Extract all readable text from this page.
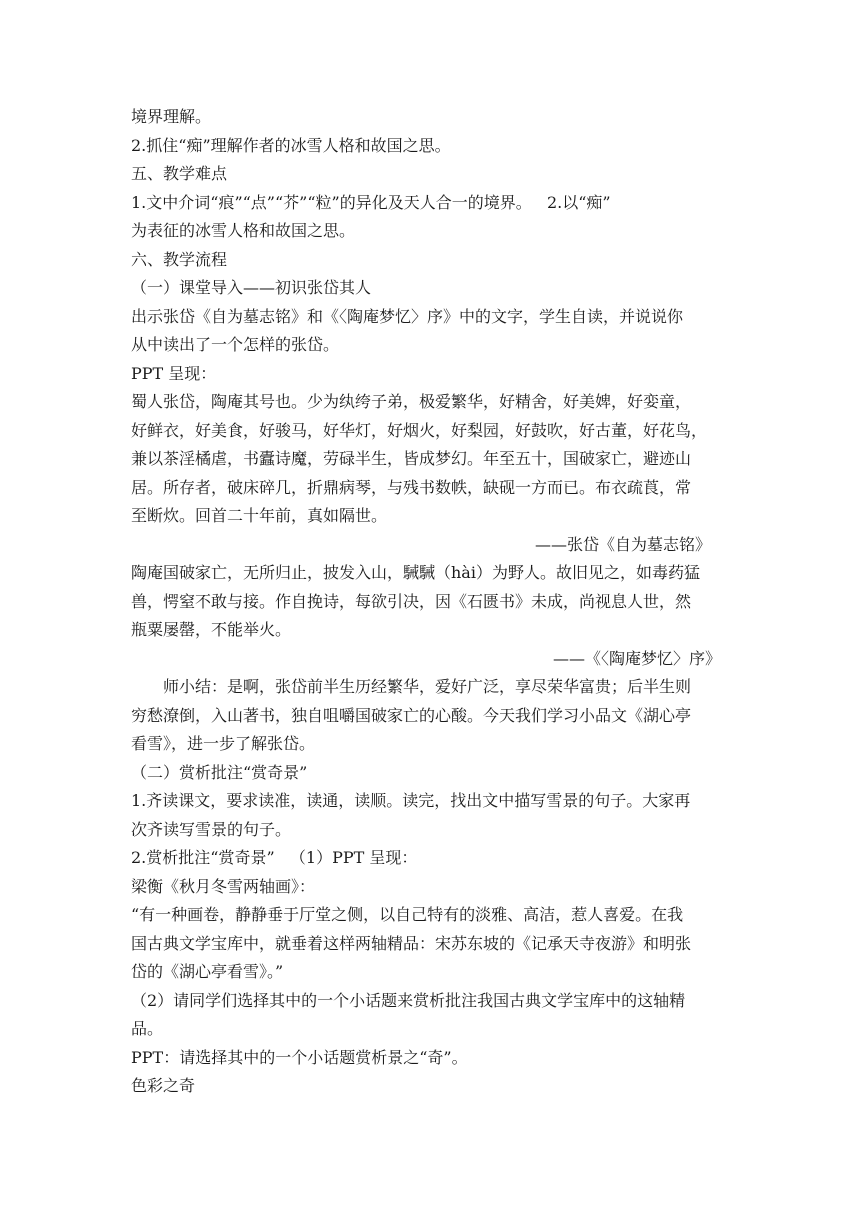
境界理解。

2.抓住“痴”理解作者的冰雪人格和故国之思。

五、教学难点

1.文中介词“痕”“点”“芥”“粒”的异化及天人合一的境界。   2.以“痴”

为表征的冰雪人格和故国之思。

六、教学流程

（一）课堂导入——初识张岱其人

出示张岱《自为墓志铭》和《〈陶庵梦忆〉序》中的文字，学生自读，并说说你

从中读出了一个怎样的张岱。

PPT 呈现：

蜀人张岱，陶庵其号也。少为纨绔子弟，极爱繁华，好精舍，好美婢，好娈童，

好鲜衣，好美食，好骏马，好华灯，好烟火，好梨园，好鼓吹，好古董，好花鸟，

兼以茶淫橘虐，书蠹诗魔，劳碌半生，皆成梦幻。年至五十，国破家亡，避迹山

居。所存者，破床碎几，折鼎病琴，与残书数帙，缺砚一方而已。布衣疏莨，常

至断炊。回首二十年前，真如隔世。

——张岱《自为墓志铭》

陶庵国破家亡，无所归止，披发入山，駴駴（hài）为野人。故旧见之，如毒药猛

兽，愕窒不敢与接。作自挽诗，每欲引决，因《石匮书》未成，尚视息人世，然

瓶粟屡罄，不能举火。

——《〈陶庵梦忆〉序》

师小结：是啊，张岱前半生历经繁华，爱好广泛，享尽荣华富贵；后半生则

穷愁潦倒，入山著书，独自咀嚼国破家亡的心酸。今天我们学习小品文《湖心亭

看雪》，进一步了解张岱。

（二）赏析批注“赏奇景”

1.齐读课文，要求读准，读通，读顺。读完，找出文中描写雪景的句子。大家再

次齐读写雪景的句子。

2.赏析批注“赏奇景”   （1）PPT 呈现：

梁衡《秋月冬雪两轴画》：

“有一种画卷，静静垂于厅堂之侧，以自己特有的淡雅、高洁，惹人喜爱。在我

国古典文学宝库中，就垂着这样两轴精品：宋苏东坡的《记承天寺夜游》和明张

岱的《湖心亭看雪》。”

（2）请同学们选择其中的一个小话题来赏析批注我国古典文学宝库中的这轴精

品。

PPT：请选择其中的一个小话题赏析景之“奇”。

色彩之奇
